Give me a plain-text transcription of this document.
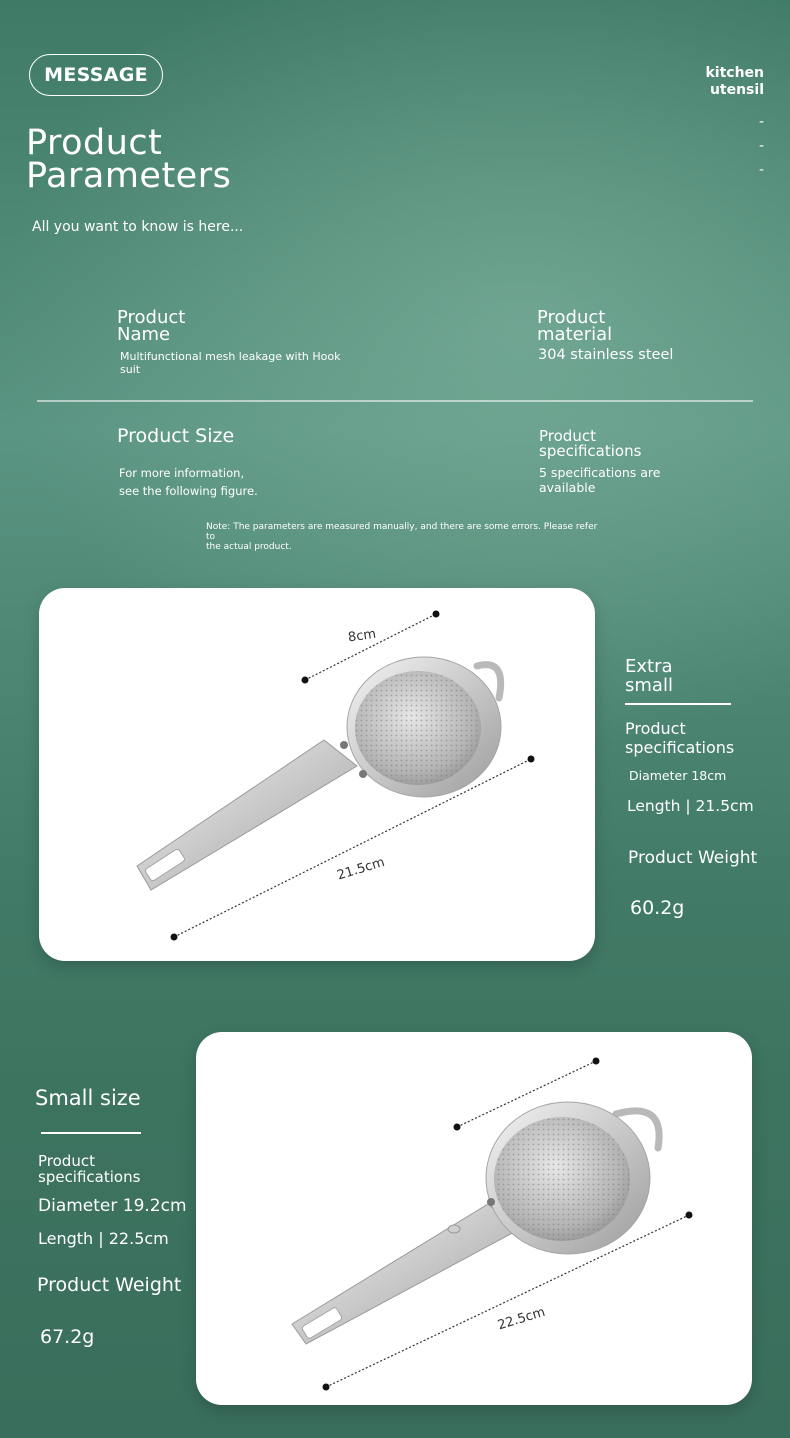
MESSAGE	kitchen
utensil
-
-
-
Product
Parameters
All you want to know is here...
Product
Name
Multifunctional mesh leakage with Hook
suit
Product
material
304 stainless steel
Product Size
For more information,
see the following figure.
Product
specifications
5 specifications are
available
Note: The parameters are measured manually, and there are some errors. Please refer to
the actual product.
8cm
21.5cm
Extra
small
Product
specifications
Diameter 18cm
Length | 21.5cm
Product Weight
60.2g
22.5cm
Small size
Product
specifications
Diameter 19.2cm
Length | 22.5cm
Product Weight
67.2g
